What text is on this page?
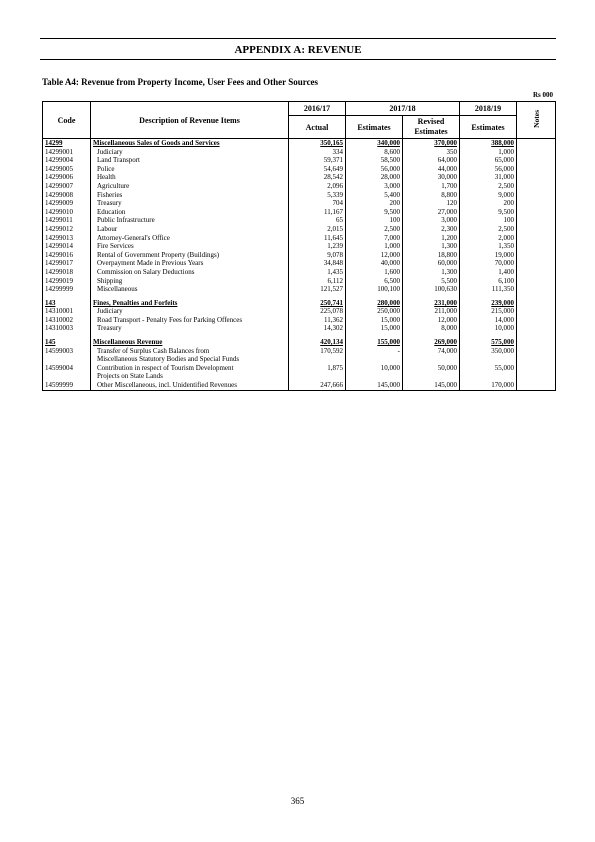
APPENDIX A: REVENUE
Table A4: Revenue from Property Income, User Fees and Other Sources
Rs 000
Code	Description of Revenue Items	2016/17	2017/18		2018/19	Notes
		Actual	Estimates	Revised Estimates	Estimates	
14299	Miscellaneous Sales of Goods and Services	350,165	340,000	370,000	388,000	
14299001	Judiciary	334	8,600	350	1,000	
14299004	Land Transport	59,371	58,500	64,000	65,000	
14299005	Police	54,649	56,000	44,000	56,000	
14299006	Health	28,542	28,000	30,000	31,000	
14299007	Agriculture	2,096	3,000	1,700	2,500	
14299008	Fisheries	5,339	5,400	8,800	9,000	
14299009	Treasury	704	200	120	200	
14299010	Education	11,167	9,500	27,000	9,500	
14299011	Public Infrastructure	65	100	3,000	100	
14299012	Labour	2,015	2,500	2,300	2,500	
14299013	Attorney-General's Office	11,645	7,000	1,200	2,000	
14299014	Fire Services	1,239	1,000	1,300	1,350	
14299016	Rental of Government Property (Buildings)	9,078	12,000	18,800	19,000	
14299017	Overpayment Made in Previous Years	34,848	40,000	60,000	70,000	
14299018	Commission on Salary Deductions	1,435	1,600	1,300	1,400	
14299019	Shipping	6,112	6,500	5,500	6,100	
14299999	Miscellaneous	121,527	100,100	100,630	111,350	

143	Fines, Penalties and Forfeits	250,741	280,000	231,000	239,000	
14310001	Judiciary	225,078	250,000	211,000	215,000	
14310002	Road Transport - Penalty Fees for Parking Offences	11,362	15,000	12,000	14,000	
14310003	Treasury	14,302	15,000	8,000	10,000	

145	Miscellaneous Revenue	420,134	155,000	269,000	575,000	
14599003	Transfer of Surplus Cash Balances from	170,592	-	74,000	350,000	
	Miscellaneous Statutory Bodies and Special Funds					
14599004	Contribution in respect of Tourism Development	1,875	10,000	50,000	55,000	
	Projects on State Lands					
14599999	Other Miscellaneous, incl. Unidentified Revenues	247,666	145,000	145,000	170,000	
365
